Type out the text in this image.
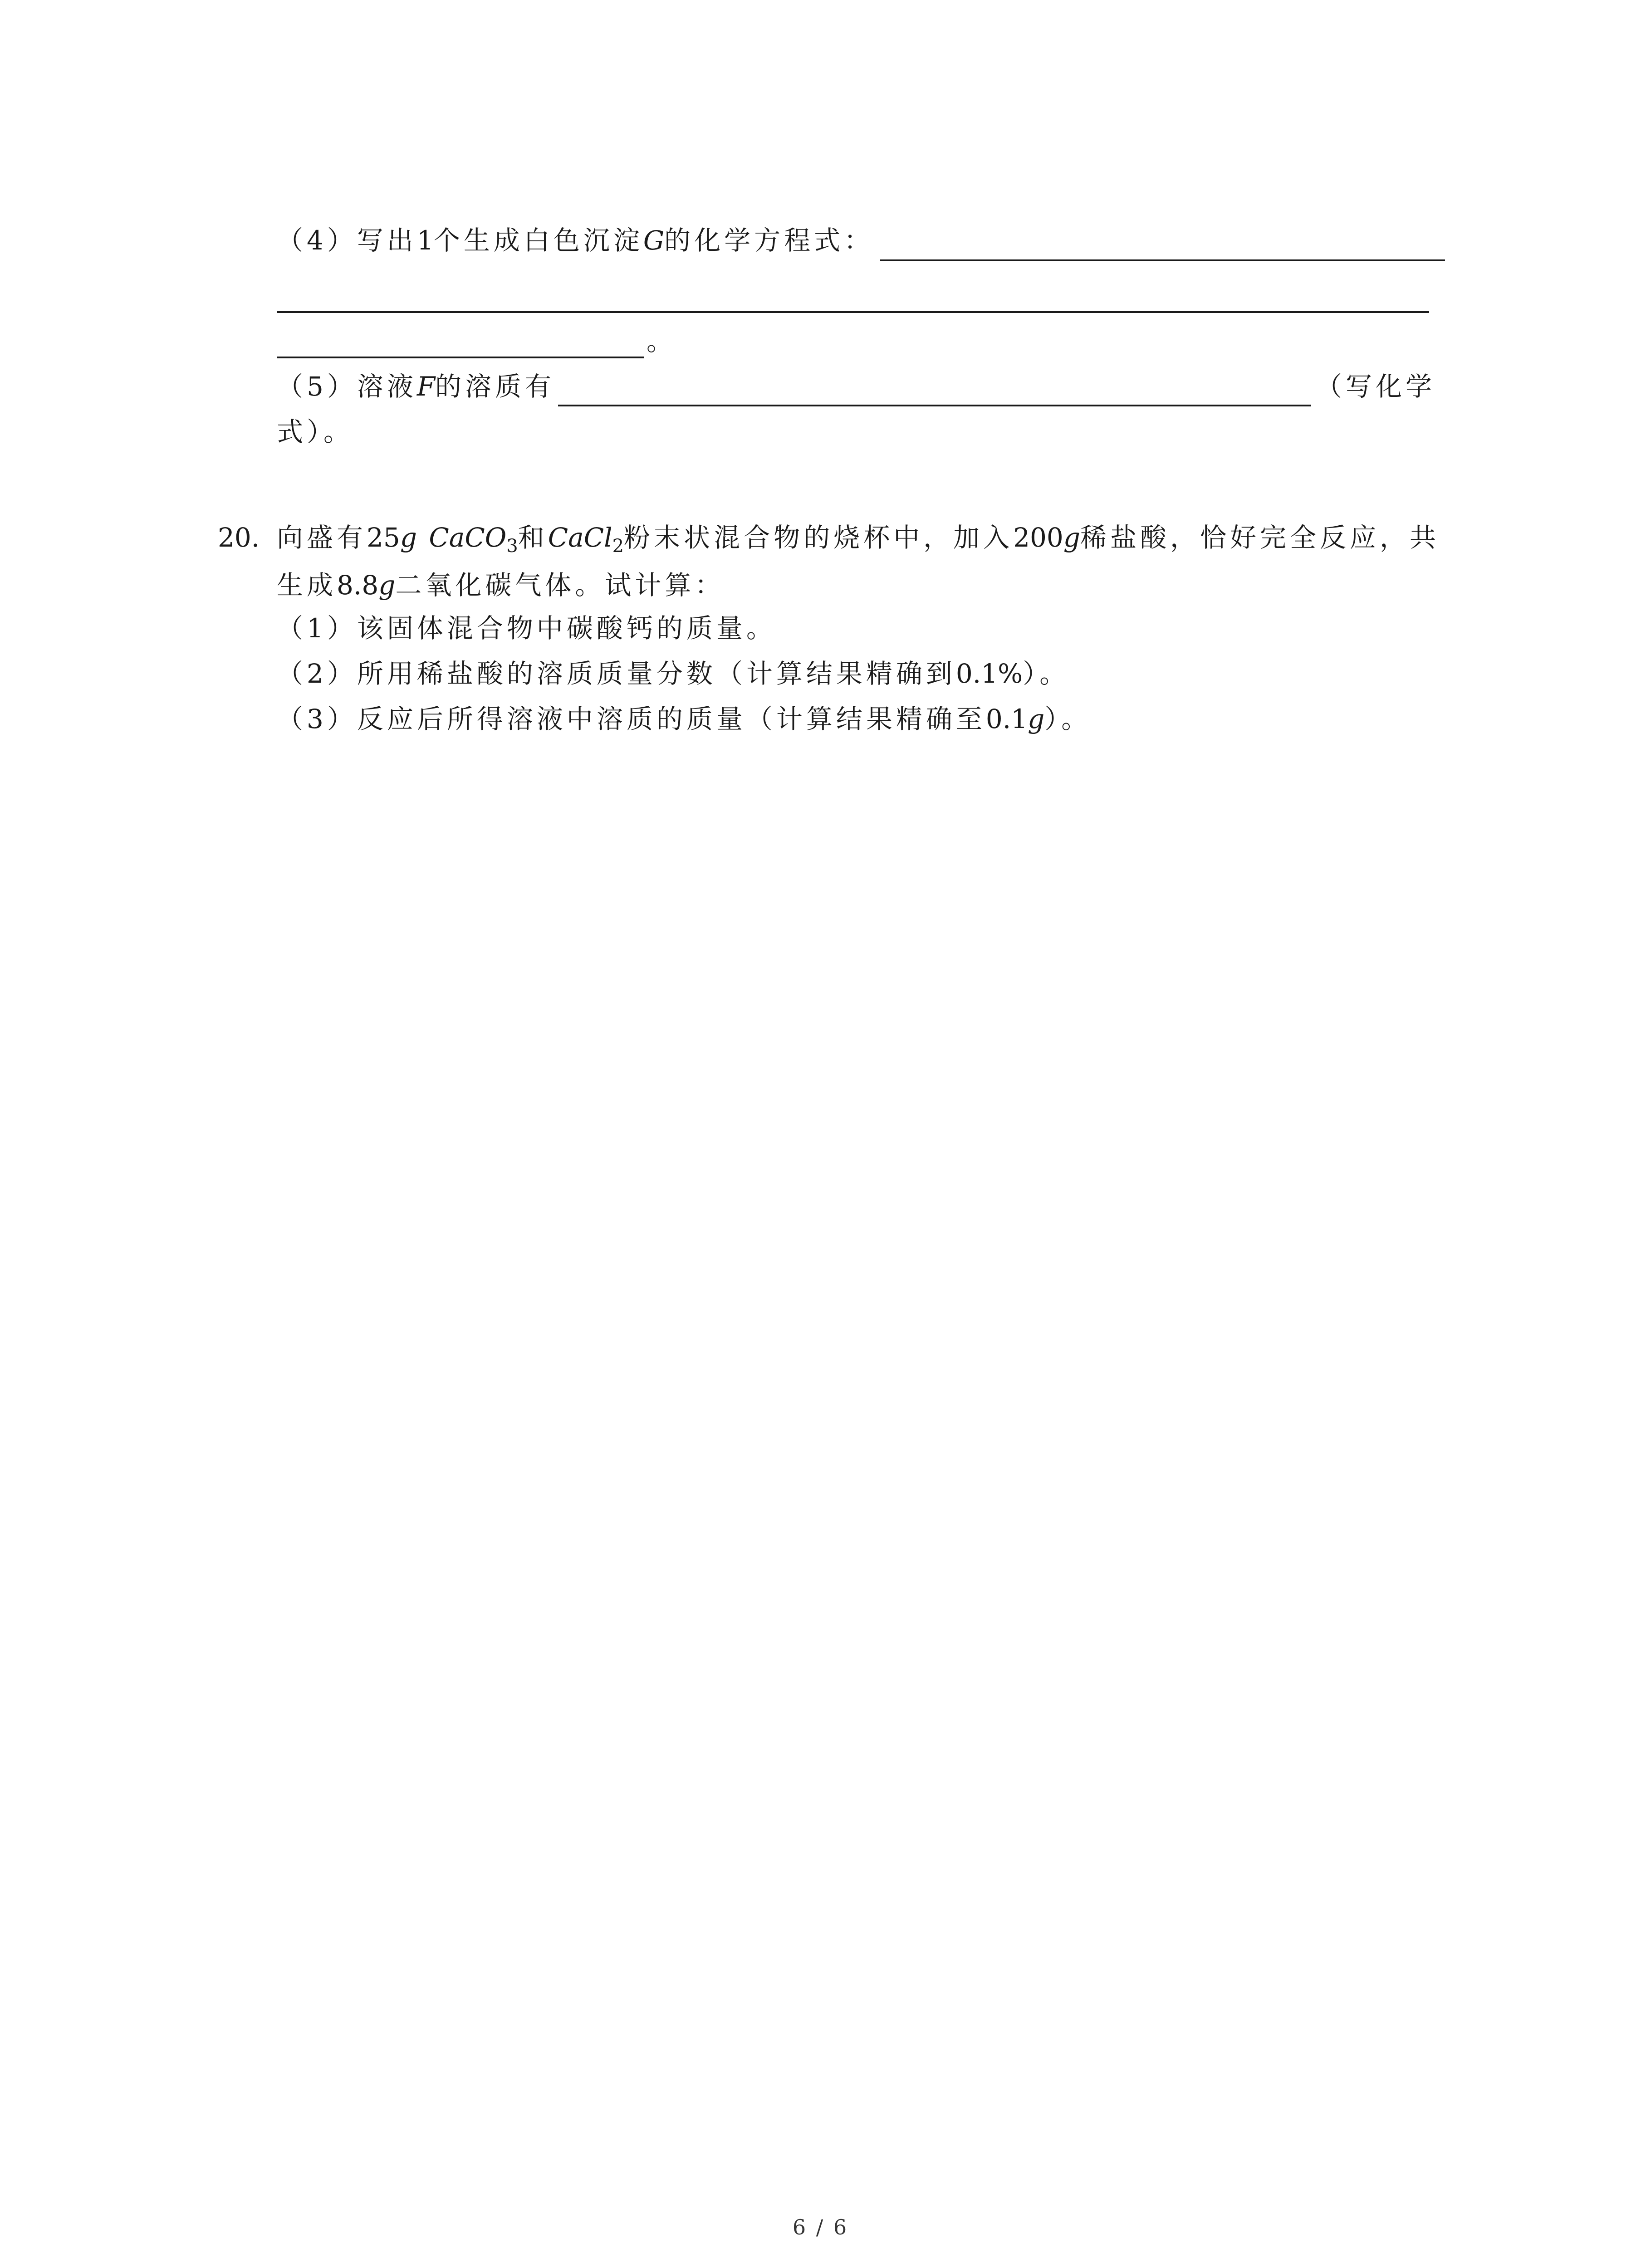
（4）写出1个生成白色沉淀G的化学方程式：
。
（5）溶液F的溶质有	（写化学
式）。
20. 向盛有25g CaCO$_3$和CaCl$_2$粉末状混合物的烧杯中，加入200g稀盐酸，恰好完全反应，共
生成8.8g二氧化碳气体。试计算：
（1）该固体混合物中碳酸钙的质量。
（2）所用稀盐酸的溶质质量分数（计算结果精确到0.1%）。
（3）反应后所得溶液中溶质的质量（计算结果精确至0.1g）。
6 / 6
